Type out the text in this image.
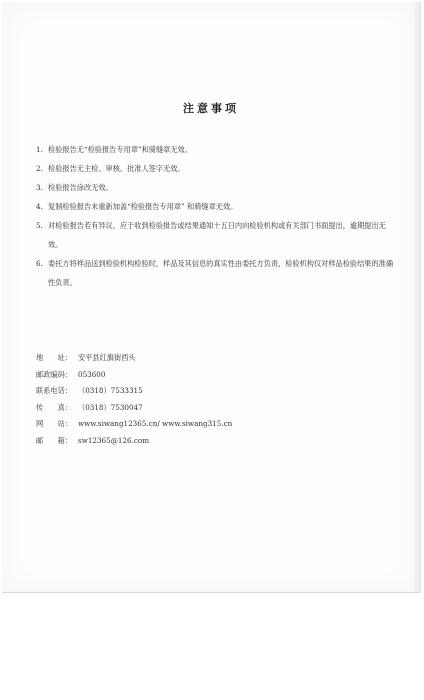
注意事项
1. 检验报告无“检验报告专用章”和骑缝章无效。
2. 检验报告无主检、审核、批准人签字无效。
3. 检验报告涂改无效。
4. 复制检验报告未重新加盖“检验报告专用章” 和骑缝章无效。
5. 对检验报告若有异议，应于收到检验报告或结果通知十五日内向检验机构或有关部门书面提出，逾期提出无效。
6. 委托方将样品送到检验机构检验时，样品及其信息的真实性由委托方负责，检验机构仅对样品检验结果的准确性负责。
地　　址： 安平县红旗街西头
邮政编码： 053600
联系电话： （0318）7533315
传　　真： （0318）7530047
网　　站： www.siwang12365.cn/ www.siwang315.cn
邮　　箱： sw12365@126.com
